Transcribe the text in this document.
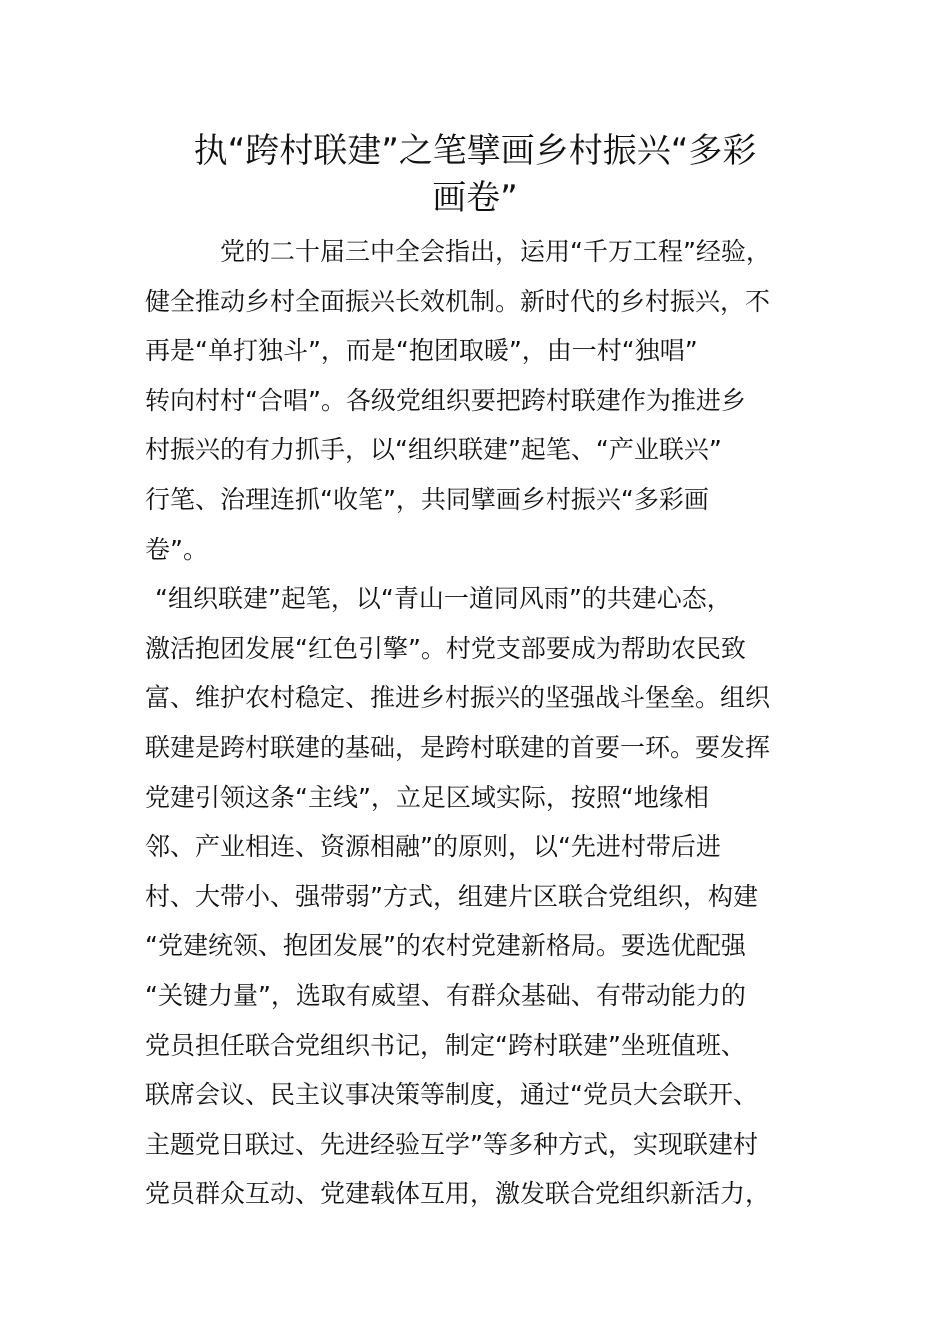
执“跨村联建”之笔擘画乡村振兴“多彩
画卷”
党的二十届三中全会指出，运用“千万工程”经验，
健全推动乡村全面振兴长效机制。新时代的乡村振兴，不
再是“单打独斗”，而是“抱团取暖”，由一村“独唱”
转向村村“合唱”。各级党组织要把跨村联建作为推进乡
村振兴的有力抓手，以“组织联建”起笔、“产业联兴”
行笔、治理连抓“收笔”，共同擘画乡村振兴“多彩画
卷”。
“组织联建”起笔，以“青山一道同风雨”的共建心态，
激活抱团发展“红色引擎”。村党支部要成为帮助农民致
富、维护农村稳定、推进乡村振兴的坚强战斗堡垒。组织
联建是跨村联建的基础，是跨村联建的首要一环。要发挥
党建引领这条“主线”，立足区域实际，按照“地缘相
邻、产业相连、资源相融”的原则，以“先进村带后进
村、大带小、强带弱”方式，组建片区联合党组织，构建
“党建统领、抱团发展”的农村党建新格局。要选优配强
“关键力量”，选取有威望、有群众基础、有带动能力的
党员担任联合党组织书记，制定“跨村联建”坐班值班、
联席会议、民主议事决策等制度，通过“党员大会联开、
主题党日联过、先进经验互学”等多种方式，实现联建村
党员群众互动、党建载体互用，激发联合党组织新活力，
